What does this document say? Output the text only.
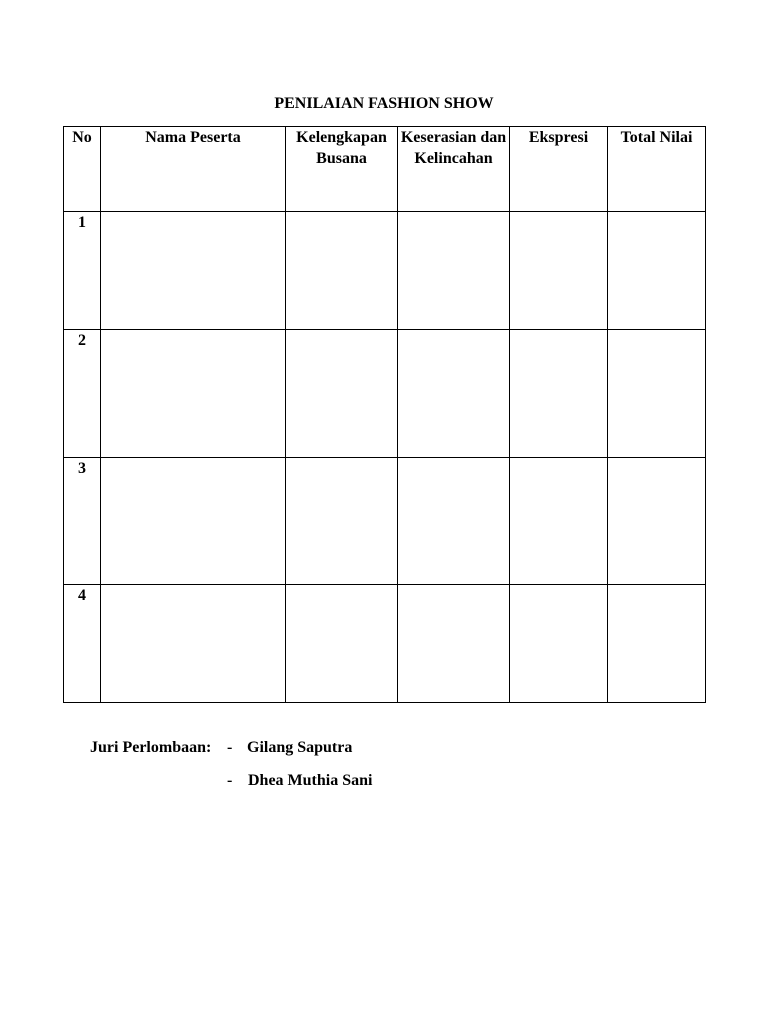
PENILAIAN FASHION SHOW
No	Nama Peserta	Kelengkapan Busana	Keserasian dan Kelincahan	Ekspresi	Total Nilai
1					
2					
3					
4					
Juri Perlombaan: - Gilang Saputra
- Dhea Muthia Sani
